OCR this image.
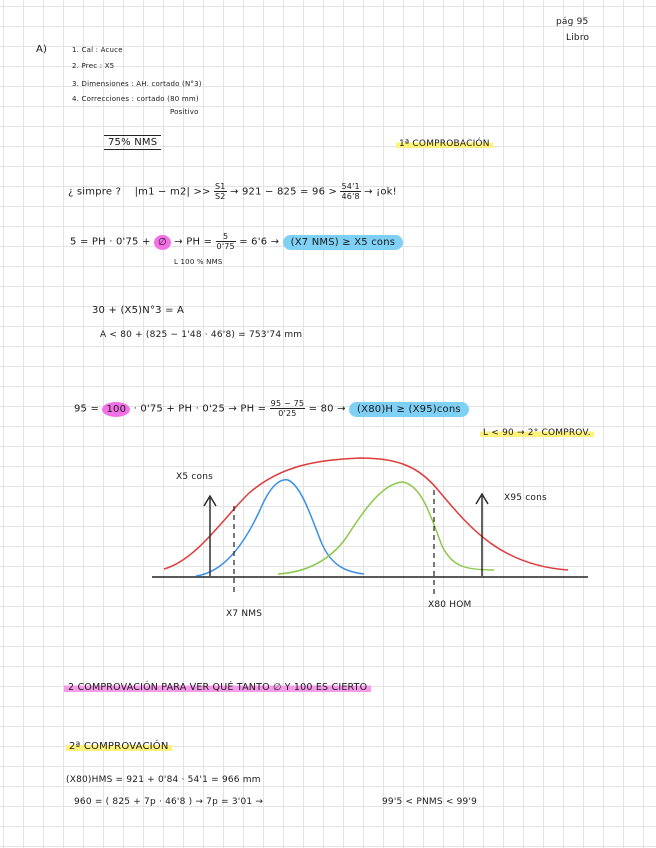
pág 95
Libro
A)	1. Cal : Acuce
2. Prec : X5
3. Dimensiones : AH. cortado (N°3)
4. Correcciones : cortado (80 mm)
Positivo
75% NMS	1ª COMPROBACIÓN
¿ simpre ? $|m1 - m2| >> \frac{S1}{S2} \to 921 - 825 = 96 > \frac{54'1}{46'8}$ → ¡ok!
5 = PH · 0'75 + ∅ → PH = $\frac{5}{0'75} = 6'6 \to (X7$ NMS) ≥ X5 cons
L 100 % NMS
30 + (X5)N°3 = A
A < 80 + (825 − 1'48 · 46'8) = 753'74 mm
95 = 100 · 0'75 + PH · 0'25 → PH = $\frac{95 - 75}{0'25} = 80 \to (X80)H$ ≥ (X95)cons
L < 90 → 2° COMPROV.
X5 cons
X95 cons
X7 NMS
X80 HOM
2 COMPROVACIÓN PARA VER QUÉ TANTO ∅ Y 100 ES CIERTO
2ª COMPROVACIÓN
(X80)HMS = 921 + 0'84 · 54'1 = 966 mm
960 = ( 825 + 7p · 46'8 ) → 7p = 3'01 →	99'5 < PNMS < 99'9
